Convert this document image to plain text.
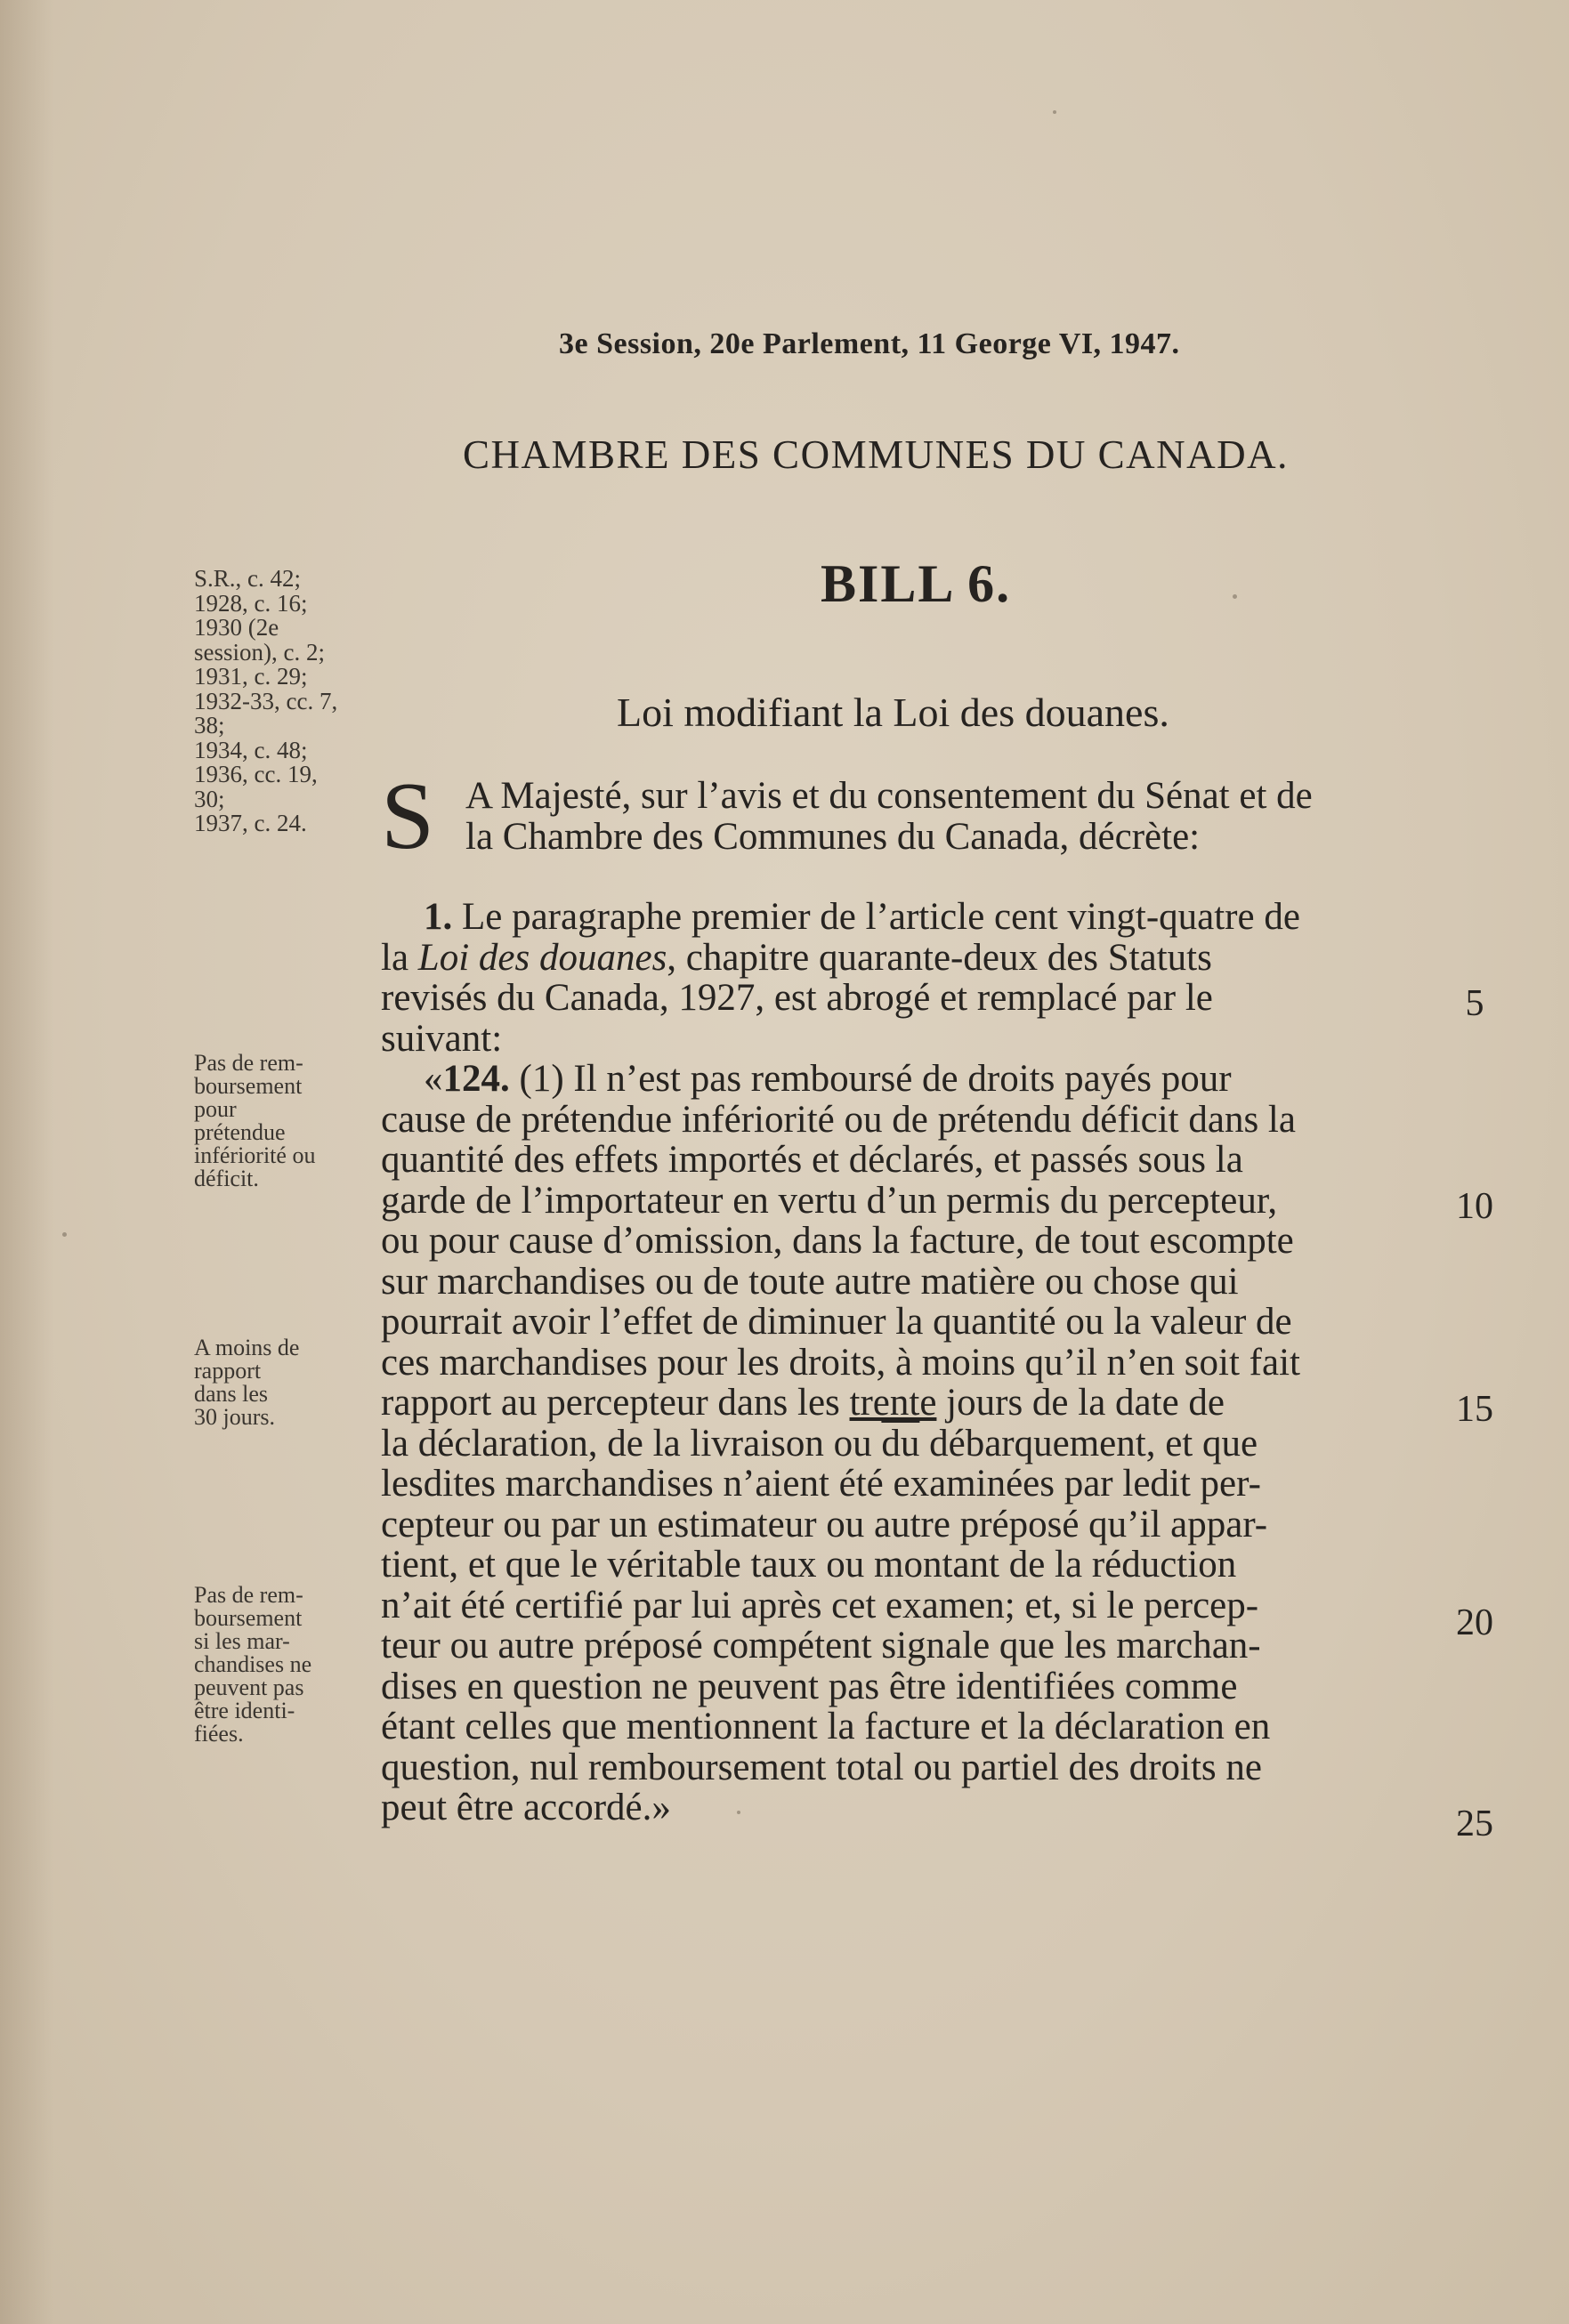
3e Session, 20e Parlement, 11 George VI, 1947.
CHAMBRE DES COMMUNES DU CANADA.
BILL 6.
Loi modifiant la Loi des douanes.
S.R., c. 42;
1928, c. 16;
1930 (2e
session), c. 2;
1931, c. 29;
1932-33, cc. 7,
38;
1934, c. 48;
1936, cc. 19,
30;
1937, c. 24.
Pas de rem-
boursement
pour
prétendue
infériorité ou
déficit.
A moins de
rapport
dans les
30 jours.
Pas de rem-
boursement
si les mar-
chandises ne
peuvent pas
être identi-
fiées.
S A Majesté, sur l’avis et du consentement du Sénat et de
la Chambre des Communes du Canada, décrète:
1. Le paragraphe premier de l’article cent vingt-quatre de
la Loi des douanes, chapitre quarante-deux des Statuts
revisés du Canada, 1927, est abrogé et remplacé par le
suivant:
«124. (1) Il n’est pas remboursé de droits payés pour
cause de prétendue infériorité ou de prétendu déficit dans la
quantité des effets importés et déclarés, et passés sous la
garde de l’importateur en vertu d’un permis du percepteur,
ou pour cause d’omission, dans la facture, de tout escompte
sur marchandises ou de toute autre matière ou chose qui
pourrait avoir l’effet de diminuer la quantité ou la valeur de
ces marchandises pour les droits, à moins qu’il n’en soit fait
rapport au percepteur dans les trente jours de la date de
la déclaration, de la livraison ou $\overline{du}$ débarquement, et que
lesdites marchandises n’aient été examinées par ledit per-
cepteur ou par un estimateur ou autre préposé qu’il appar-
tient, et que le véritable taux ou montant de la réduction
n’ait été certifié par lui après cet examen; et, si le percep-
teur ou autre préposé compétent signale que les marchan-
dises en question ne peuvent pas être identifiées comme
étant celles que mentionnent la facture et la déclaration en
question, nul remboursement total ou partiel des droits ne
peut être accordé.»
5
10
15
20
25
